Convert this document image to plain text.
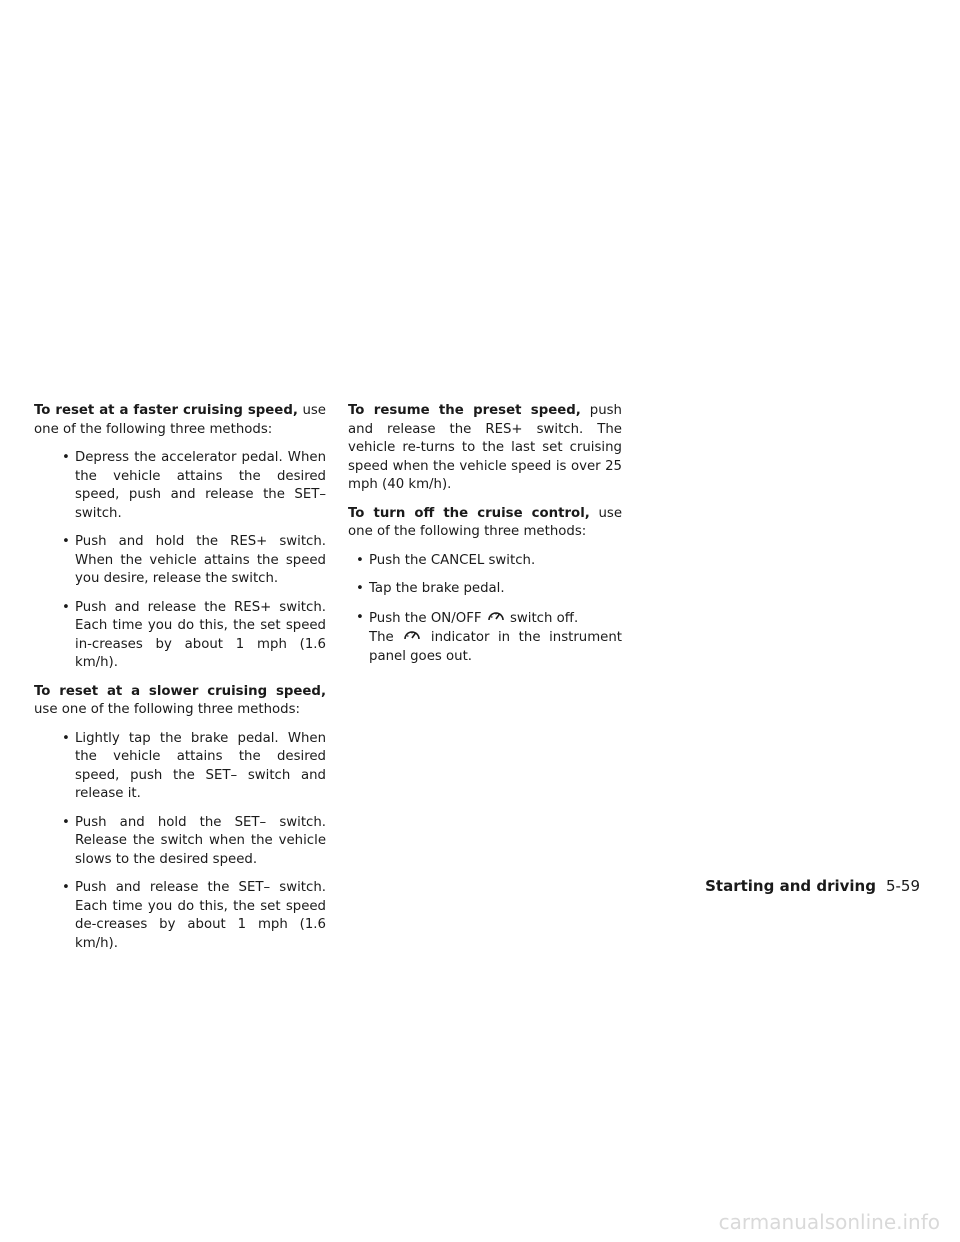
To reset at a faster cruising speed, use one of the following three methods:

• Depress the accelerator pedal. When the vehicle attains the desired speed, push and release the SET– switch.
• Push and hold the RES+ switch. When the vehicle attains the speed you desire, release the switch.
• Push and release the RES+ switch. Each time you do this, the set speed in-creases by about 1 mph (1.6 km/h).

To reset at a slower cruising speed, use one of the following three methods:

• Lightly tap the brake pedal. When the vehicle attains the desired speed, push the SET– switch and release it.
• Push and hold the SET– switch. Release the switch when the vehicle slows to the desired speed.
• Push and release the SET– switch. Each time you do this, the set speed de-creases by about 1 mph (1.6 km/h).

To resume the preset speed, push and release the RES+ switch. The vehicle re-turns to the last set cruising speed when the vehicle speed is over 25 mph (40 km/h).

To turn off the cruise control, use one of the following three methods:

• Push the CANCEL switch.
• Tap the brake pedal.
• Push the ON/OFF switch off.
The	indicator in the instrument panel goes out.
Starting and driving 5-59
carmanualsonline.info
